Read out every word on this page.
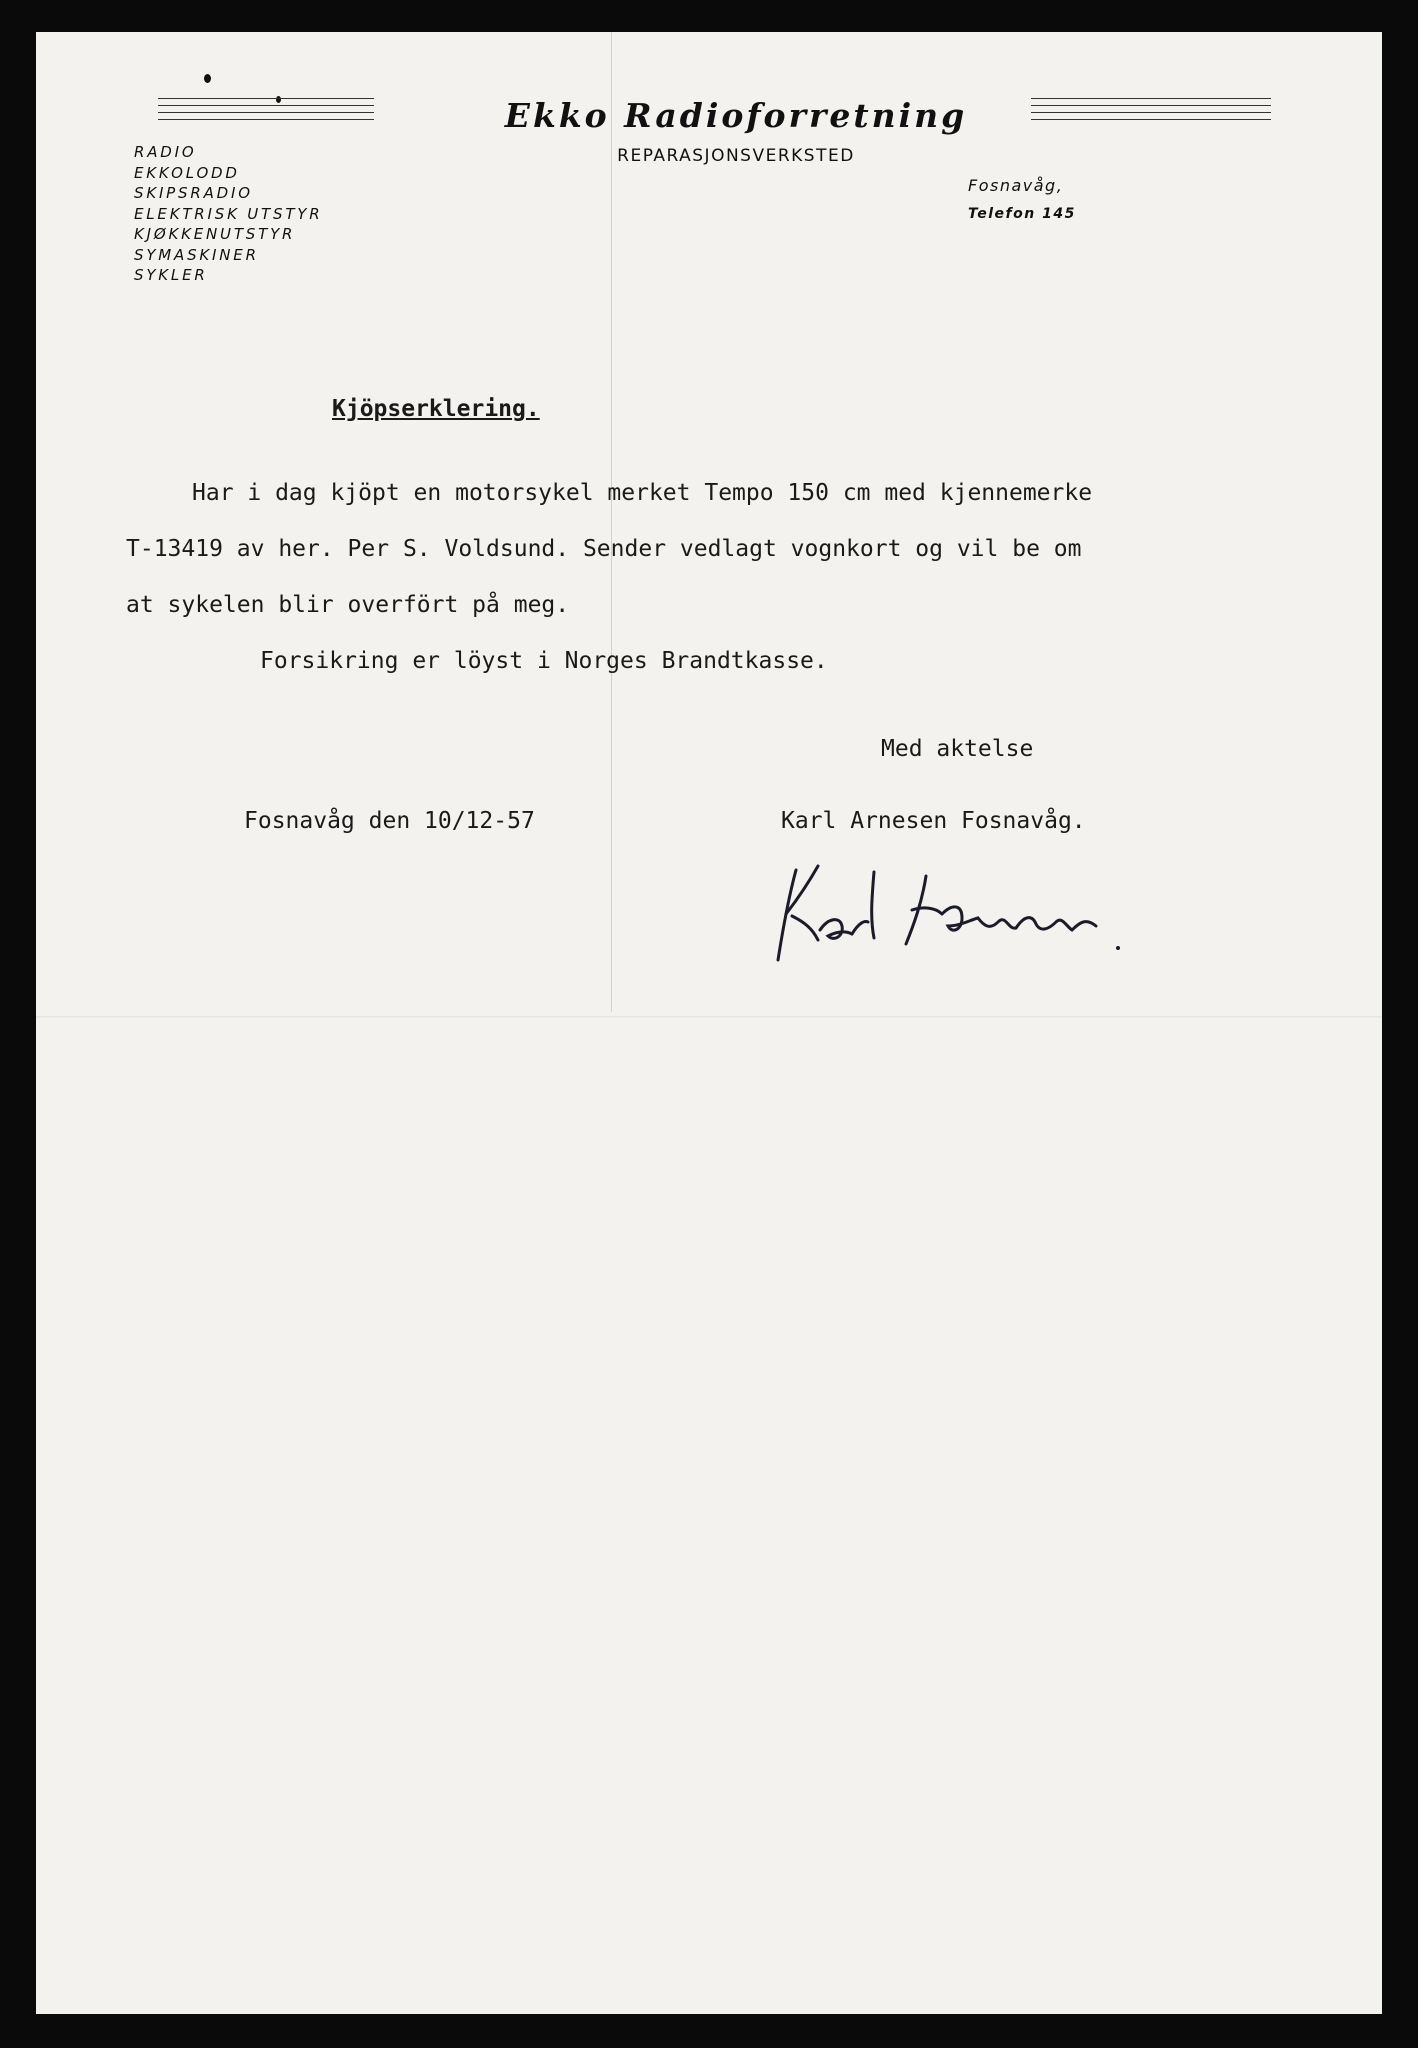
Ekko Radioforretning
REPARASJONSVERKSTED
RADIO
EKKOLODD
SKIPSRADIO
ELEKTRISK UTSTYR
KJØKKENUTSTYR
SYMASKINER
SYKLER
Fosnavåg,
Telefon 145
Kjöpserklering.
Har i dag kjöpt en motorsykel merket Tempo 150 cm med kjennemerke
T-13419 av her. Per S. Voldsund. Sender vedlagt vognkort og vil be om
at sykelen blir overfört på meg.
Forsikring er löyst i Norges Brandtkasse.
Med aktelse
Fosnavåg den 10/12-57	Karl Arnesen Fosnavåg.
